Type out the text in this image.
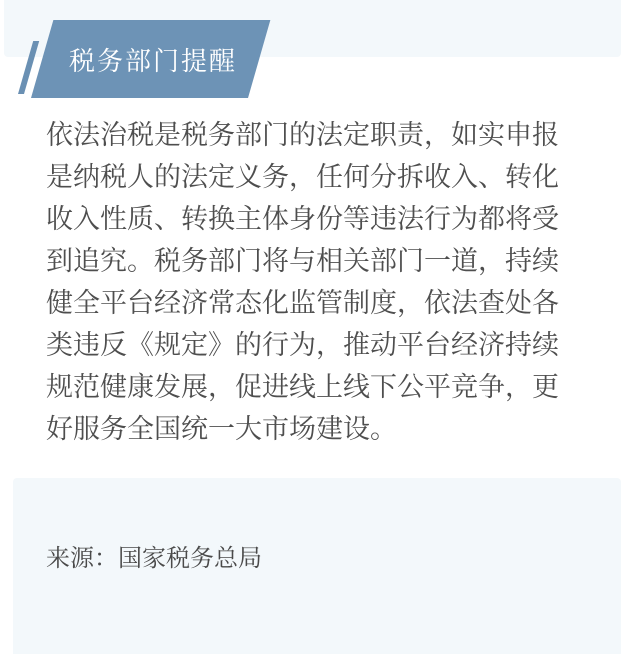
税务部门提醒
依法治税是税务部门的法定职责，如实申报
是纳税人的法定义务，任何分拆收入、转化
收入性质、转换主体身份等违法行为都将受
到追究。税务部门将与相关部门一道，持续
健全平台经济常态化监管制度，依法查处各
类违反《规定》的行为，推动平台经济持续
规范健康发展，促进线上线下公平竞争，更
好服务全国统一大市场建设。
来源：国家税务总局
